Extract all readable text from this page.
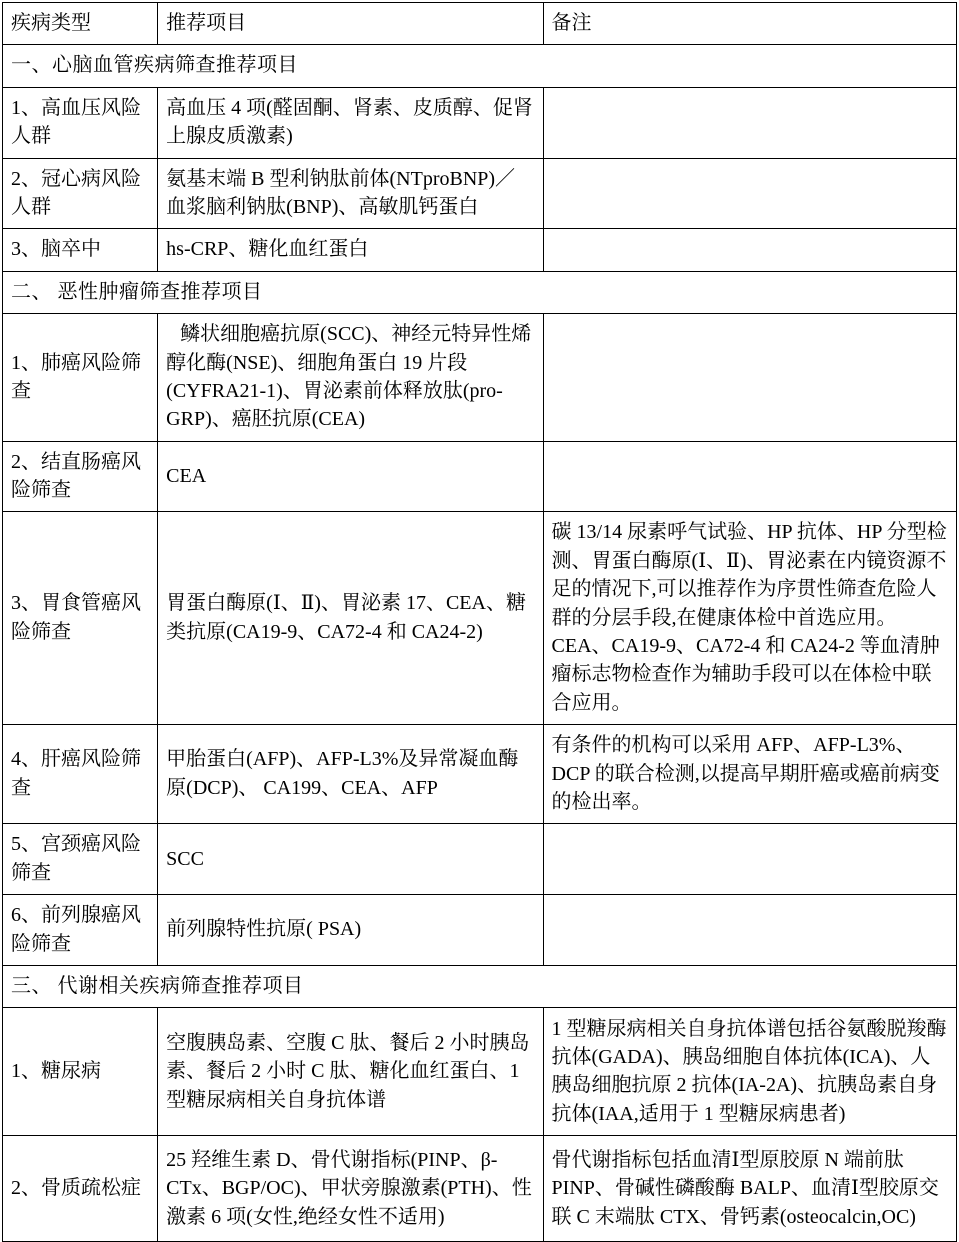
疾病类型	推荐项目	备注
一、心脑血管疾病筛查推荐项目		
1、高血压风险人群	高血压 4 项(醛固酮、肾素、皮质醇、促肾上腺皮质激素)	
2、冠心病风险人群	氨基末端 B 型利钠肽前体(NTproBNP)／血浆脑利钠肽(BNP)、高敏肌钙蛋白	
3、脑卒中	hs-CRP、糖化血红蛋白	
二、 恶性肿瘤筛查推荐项目		
1、肺癌风险筛查	鳞状细胞癌抗原(SCC)、神经元特异性烯醇化酶(NSE)、细胞角蛋白 19 片段(CYFRA21-1)、胃泌素前体释放肽(pro-GRP)、癌胚抗原(CEA)	
2、结直肠癌风险筛查	CEA	
3、胃食管癌风险筛查	胃蛋白酶原(Ⅰ、Ⅱ)、胃泌素 17、CEA、糖类抗原(CA19-9、CA72-4 和 CA24-2)	碳 13/14 尿素呼气试验、HP 抗体、HP 分型检测、胃蛋白酶原(Ⅰ、Ⅱ)、胃泌素在内镜资源不足的情况下,可以推荐作为序贯性筛查危险人群的分层手段,在健康体检中首选应用。CEA、CA19-9、CA72-4 和 CA24-2 等血清肿瘤标志物检查作为辅助手段可以在体检中联合应用。
4、肝癌风险筛查	甲胎蛋白(AFP)、AFP-L3%及异常凝血酶原(DCP)、 CA199、CEA、AFP	有条件的机构可以采用 AFP、AFP-L3%、DCP 的联合检测,以提高早期肝癌或癌前病变的检出率。
5、宫颈癌风险筛查	SCC	
6、前列腺癌风险筛查	前列腺特性抗原( PSA)	
三、 代谢相关疾病筛查推荐项目		
1、糖尿病	空腹胰岛素、空腹 C 肽、餐后 2 小时胰岛素、餐后 2 小时 C 肽、糖化血红蛋白、1 型糖尿病相关自身抗体谱	1 型糖尿病相关自身抗体谱包括谷氨酸脱羧酶抗体(GADA)、胰岛细胞自体抗体(ICA)、人胰岛细胞抗原 2 抗体(IA-2A)、抗胰岛素自身抗体(IAA,适用于 1 型糖尿病患者)
2、骨质疏松症	25 羟维生素 D、骨代谢指标(PINP、β-CTx、BGP/OC)、甲状旁腺激素(PTH)、性激素 6 项(女性,绝经女性不适用)	骨代谢指标包括血清Ⅰ型原胶原 N 端前肽 PINP、骨碱性磷酸酶 BALP、血清Ⅰ型胶原交联 C 末端肽 CTX、骨钙素(osteocalcin,OC)
